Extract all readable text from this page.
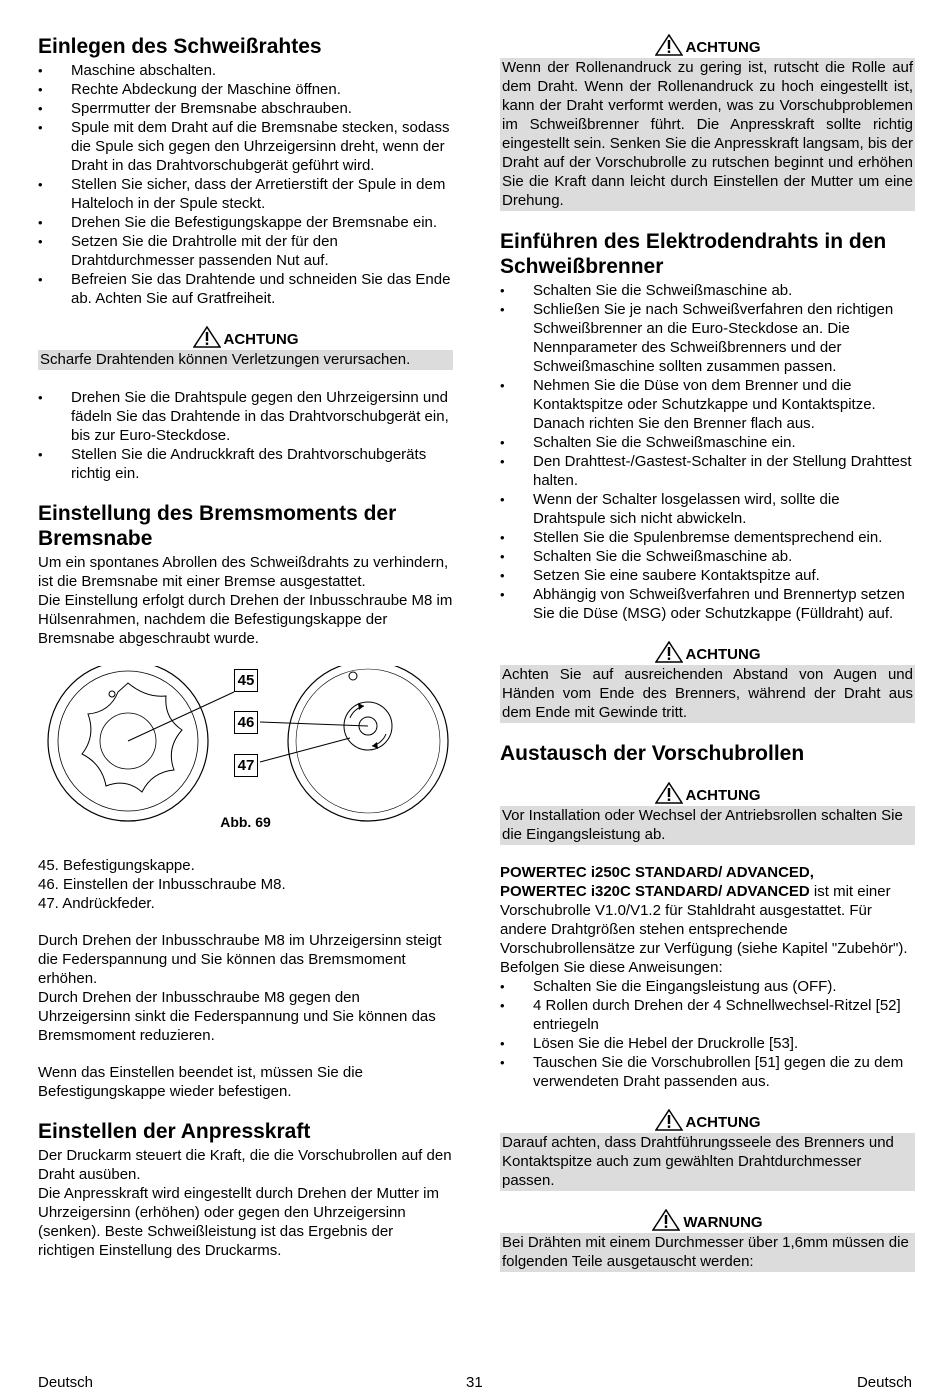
Einlegen des Schweißrahtes
• Maschine abschalten.
• Rechte Abdeckung der Maschine öffnen.
• Sperrmutter der Bremsnabe abschrauben.
• Spule mit dem Draht auf die Bremsnabe stecken, sodass die Spule sich gegen den Uhrzeigersinn dreht, wenn der Draht in das Drahtvorschubgerät geführt wird.
• Stellen Sie sicher, dass der Arretierstift der Spule in dem Halteloch in der Spule steckt.
• Drehen Sie die Befestigungskappe der Bremsnabe ein.
• Setzen Sie die Drahtrolle mit der für den Drahtdurchmesser passenden Nut auf.
• Befreien Sie das Drahtende und schneiden Sie das Ende ab. Achten Sie auf Gratfreiheit.

ACHTUNG

Scharfe Drahtenden können Verletzungen verursachen.
• Drehen Sie die Drahtspule gegen den Uhrzeigersinn und fädeln Sie das Drahtende in das Drahtvorschubgerät ein, bis zur Euro-Steckdose.
• Stellen Sie die Andruckkraft des Drahtvorschubgeräts richtig ein.
Einstellung des Bremsmoments der Bremsnabe

Um ein spontanes Abrollen des Schweißdrahts zu verhindern, ist die Bremsnabe mit einer Bremse ausgestattet.

Die Einstellung erfolgt durch Drehen der Inbusschraube M8 im Hülsenrahmen, nachdem die Befestigungskappe der Bremsnabe abgeschraubt wurde.

45
46
47

Abb. 69

45. Befestigungskappe.

46. Einstellen der Inbusschraube M8.

47. Andrückfeder.

Durch Drehen der Inbusschraube M8 im Uhrzeigersinn steigt die Federspannung und Sie können das Bremsmoment erhöhen.

Durch Drehen der Inbusschraube M8 gegen den Uhrzeigersinn sinkt die Federspannung und Sie können das Bremsmoment reduzieren.

Wenn das Einstellen beendet ist, müssen Sie die Befestigungskappe wieder befestigen.

Einstellen der Anpresskraft

Der Druckarm steuert die Kraft, die die Vorschubrollen auf den Draht ausüben.

Die Anpresskraft wird eingestellt durch Drehen der Mutter im Uhrzeigersinn (erhöhen) oder gegen den Uhrzeigersinn (senken). Beste Schweißleistung ist das Ergebnis der richtigen Einstellung des Druckarms.

ACHTUNG

Wenn der Rollenandruck zu gering ist, rutscht die Rolle auf dem Draht. Wenn der Rollenandruck zu hoch eingestellt ist, kann der Draht verformt werden, was zu Vorschubproblemen im Schweißbrenner führt. Die Anpresskraft sollte richtig eingestellt sein. Senken Sie die Anpresskraft langsam, bis der Draht auf der Vorschubrolle zu rutschen beginnt und erhöhen Sie die Kraft dann leicht durch Einstellen der Mutter um eine Drehung.
Einführen des Elektrodendrahts in den Schweißbrenner
• Schalten Sie die Schweißmaschine ab.
• Schließen Sie je nach Schweißverfahren den richtigen Schweißbrenner an die Euro-Steckdose an. Die Nennparameter des Schweißbrenners und der Schweißmaschine sollten zusammen passen.
• Nehmen Sie die Düse von dem Brenner und die Kontaktspitze oder Schutzkappe und Kontaktspitze. Danach richten Sie den Brenner flach aus.
• Schalten Sie die Schweißmaschine ein.
• Den Drahttest-/Gastest-Schalter in der Stellung Drahttest halten.
• Wenn der Schalter losgelassen wird, sollte die Drahtspule sich nicht abwickeln.
• Stellen Sie die Spulenbremse dementsprechend ein.
• Schalten Sie die Schweißmaschine ab.
• Setzen Sie eine saubere Kontaktspitze auf.
• Abhängig von Schweißverfahren und Brennertyp setzen Sie die Düse (MSG) oder Schutzkappe (Fülldraht) auf.

ACHTUNG

Achten Sie auf ausreichenden Abstand von Augen und Händen vom Ende des Brenners, während der Draht aus dem Ende mit Gewinde tritt.
Austausch der Vorschubrollen

ACHTUNG

Vor Installation oder Wechsel der Antriebsrollen schalten Sie die Eingangsleistung ab.

POWERTEC i250C STANDARD/ ADVANCED,
POWERTEC i320C STANDARD/ ADVANCED ist mit einer Vorschubrolle V1.0/V1.2 für Stahldraht ausgestattet. Für andere Drahtgrößen stehen entsprechende Vorschubrollensätze zur Verfügung (siehe Kapitel "Zubehör"). Befolgen Sie diese Anweisungen:

• Schalten Sie die Eingangsleistung aus (OFF).
• 4 Rollen durch Drehen der 4 Schnellwechsel-Ritzel [52] entriegeln
• Lösen Sie die Hebel der Druckrolle [53].
• Tauschen Sie die Vorschubrollen [51] gegen die zu dem verwendeten Draht passenden aus.

ACHTUNG

Darauf achten, dass Drahtführungsseele des Brenners und Kontaktspitze auch zum gewählten Drahtdurchmesser passen.

WARNUNG

Bei Drähten mit einem Durchmesser über 1,6mm müssen die folgenden Teile ausgetauscht werden:
Deutsch	31	Deutsch
